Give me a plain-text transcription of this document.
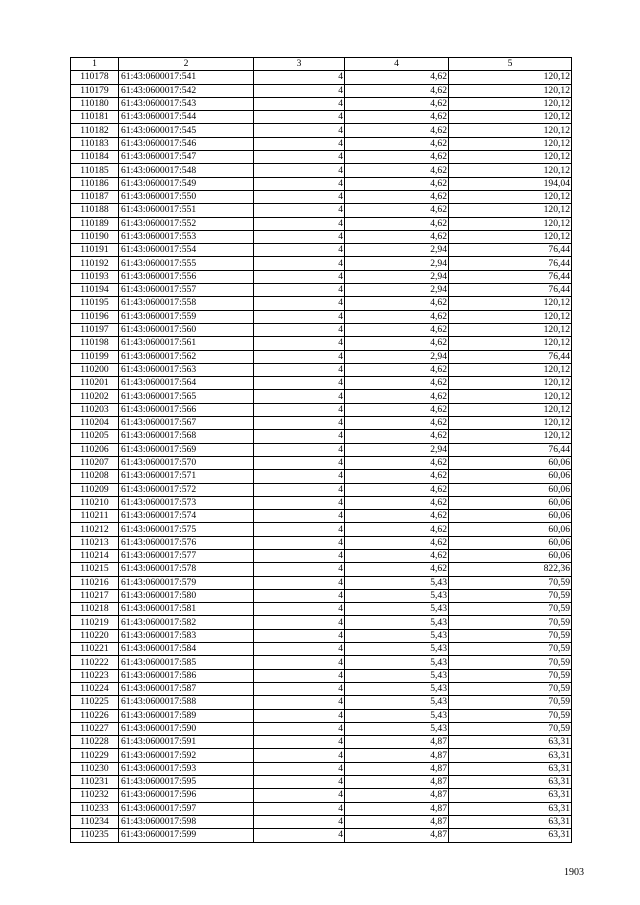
1	2	3	4	5
110178	61:43:0600017:541	4	4,62	120,12
110179	61:43:0600017:542	4	4,62	120,12
110180	61:43:0600017:543	4	4,62	120,12
110181	61:43:0600017:544	4	4,62	120,12
110182	61:43:0600017:545	4	4,62	120,12
110183	61:43:0600017:546	4	4,62	120,12
110184	61:43:0600017:547	4	4,62	120,12
110185	61:43:0600017:548	4	4,62	120,12
110186	61:43:0600017:549	4	4,62	194,04
110187	61:43:0600017:550	4	4,62	120,12
110188	61:43:0600017:551	4	4,62	120,12
110189	61:43:0600017:552	4	4,62	120,12
110190	61:43:0600017:553	4	4,62	120,12
110191	61:43:0600017:554	4	2,94	76,44
110192	61:43:0600017:555	4	2,94	76,44
110193	61:43:0600017:556	4	2,94	76,44
110194	61:43:0600017:557	4	2,94	76,44
110195	61:43:0600017:558	4	4,62	120,12
110196	61:43:0600017:559	4	4,62	120,12
110197	61:43:0600017:560	4	4,62	120,12
110198	61:43:0600017:561	4	4,62	120,12
110199	61:43:0600017:562	4	2,94	76,44
110200	61:43:0600017:563	4	4,62	120,12
110201	61:43:0600017:564	4	4,62	120,12
110202	61:43:0600017:565	4	4,62	120,12
110203	61:43:0600017:566	4	4,62	120,12
110204	61:43:0600017:567	4	4,62	120,12
110205	61:43:0600017:568	4	4,62	120,12
110206	61:43:0600017:569	4	2,94	76,44
110207	61:43:0600017:570	4	4,62	60,06
110208	61:43:0600017:571	4	4,62	60,06
110209	61:43:0600017:572	4	4,62	60,06
110210	61:43:0600017:573	4	4,62	60,06
110211	61:43:0600017:574	4	4,62	60,06
110212	61:43:0600017:575	4	4,62	60,06
110213	61:43:0600017:576	4	4,62	60,06
110214	61:43:0600017:577	4	4,62	60,06
110215	61:43:0600017:578	4	4,62	822,36
110216	61:43:0600017:579	4	5,43	70,59
110217	61:43:0600017:580	4	5,43	70,59
110218	61:43:0600017:581	4	5,43	70,59
110219	61:43:0600017:582	4	5,43	70,59
110220	61:43:0600017:583	4	5,43	70,59
110221	61:43:0600017:584	4	5,43	70,59
110222	61:43:0600017:585	4	5,43	70,59
110223	61:43:0600017:586	4	5,43	70,59
110224	61:43:0600017:587	4	5,43	70,59
110225	61:43:0600017:588	4	5,43	70,59
110226	61:43:0600017:589	4	5,43	70,59
110227	61:43:0600017:590	4	5,43	70,59
110228	61:43:0600017:591	4	4,87	63,31
110229	61:43:0600017:592	4	4,87	63,31
110230	61:43:0600017:593	4	4,87	63,31
110231	61:43:0600017:595	4	4,87	63,31
110232	61:43:0600017:596	4	4,87	63,31
110233	61:43:0600017:597	4	4,87	63,31
110234	61:43:0600017:598	4	4,87	63,31
110235	61:43:0600017:599	4	4,87	63,31
1903
